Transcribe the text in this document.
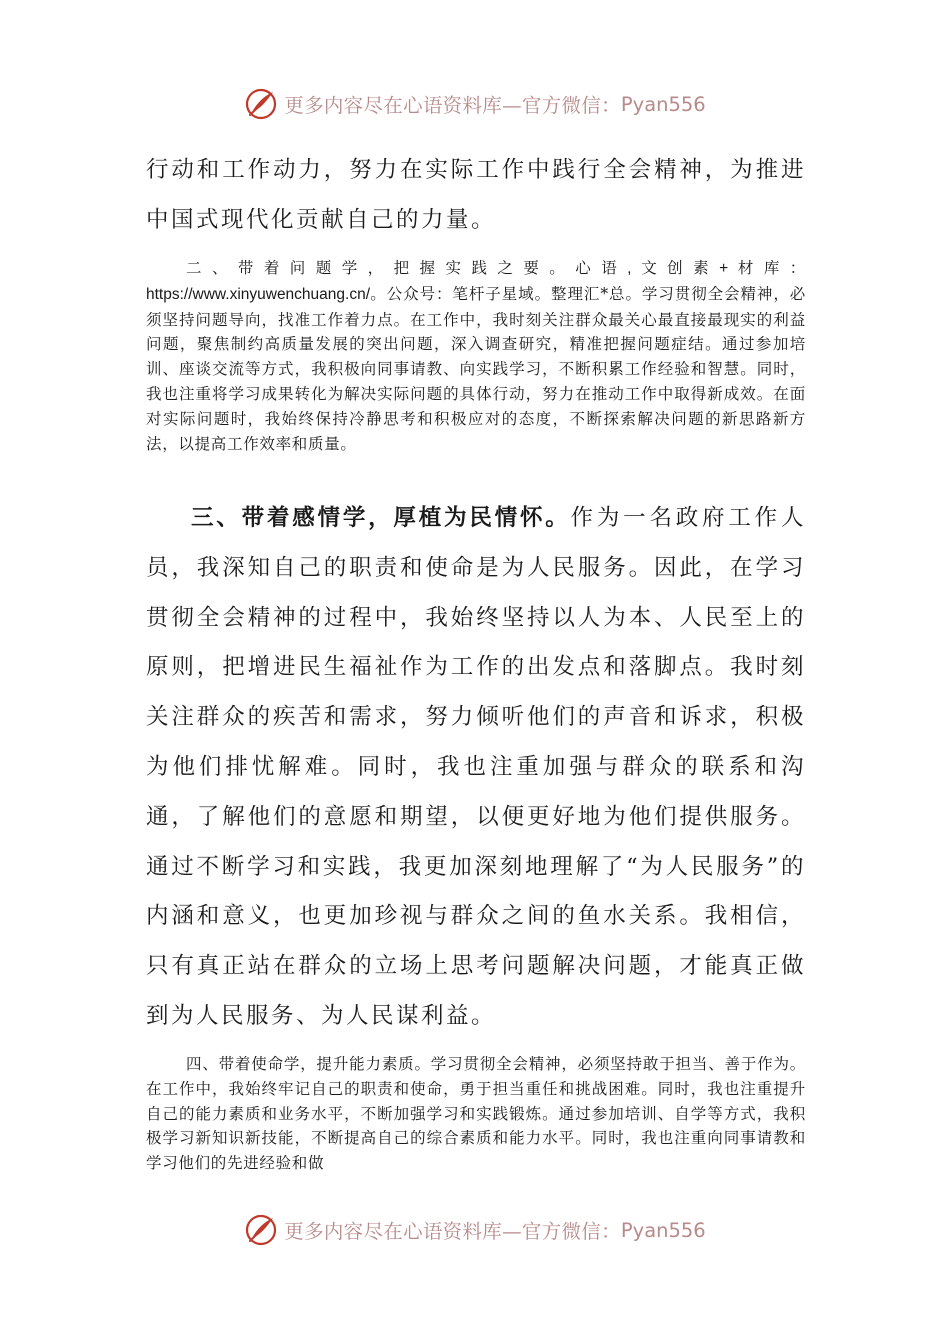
更多内容尽在心语资料库—官方微信： Pyan556

行动和工作动力，努力在实际工作中践行全会精神，为推进中国式现代化贡献自己的力量。

二、带着问题学，把握实践之要。心语,文创素+材库：https://www.xinyuwenchuang.cn/。公众号：笔杆子星域。整理汇*总。学习贯彻全会精神，必须坚持问题导向，找准工作着力点。在工作中，我时刻关注群众最关心最直接最现实的利益问题，聚焦制约高质量发展的突出问题，深入调查研究，精准把握问题症结。通过参加培训、座谈交流等方式，我积极向同事请教、向实践学习，不断积累工作经验和智慧。同时，我也注重将学习成果转化为解决实际问题的具体行动，努力在推动工作中取得新成效。在面对实际问题时，我始终保持冷静思考和积极应对的态度，不断探索解决问题的新思路新方法，以提高工作效率和质量。

三、带着感情学，厚植为民情怀。作为一名政府工作人员，我深知自己的职责和使命是为人民服务。因此，在学习贯彻全会精神的过程中，我始终坚持以人为本、人民至上的原则，把增进民生福祉作为工作的出发点和落脚点。我时刻关注群众的疾苦和需求，努力倾听他们的声音和诉求，积极为他们排忧解难。同时，我也注重加强与群众的联系和沟通，了解他们的意愿和期望，以便更好地为他们提供服务。通过不断学习和实践，我更加深刻地理解了“为人民服务”的内涵和意义，也更加珍视与群众之间的鱼水关系。我相信，只有真正站在群众的立场上思考问题解决问题，才能真正做到为人民服务、为人民谋利益。

四、带着使命学，提升能力素质。学习贯彻全会精神，必须坚持敢于担当、善于作为。在工作中，我始终牢记自己的职责和使命，勇于担当重任和挑战困难。同时，我也注重提升自己的能力素质和业务水平，不断加强学习和实践锻炼。通过参加培训、自学等方式，我积极学习新知识新技能，不断提高自己的综合素质和能力水平。同时，我也注重向同事请教和学习他们的先进经验和做

更多内容尽在心语资料库—官方微信： Pyan556
